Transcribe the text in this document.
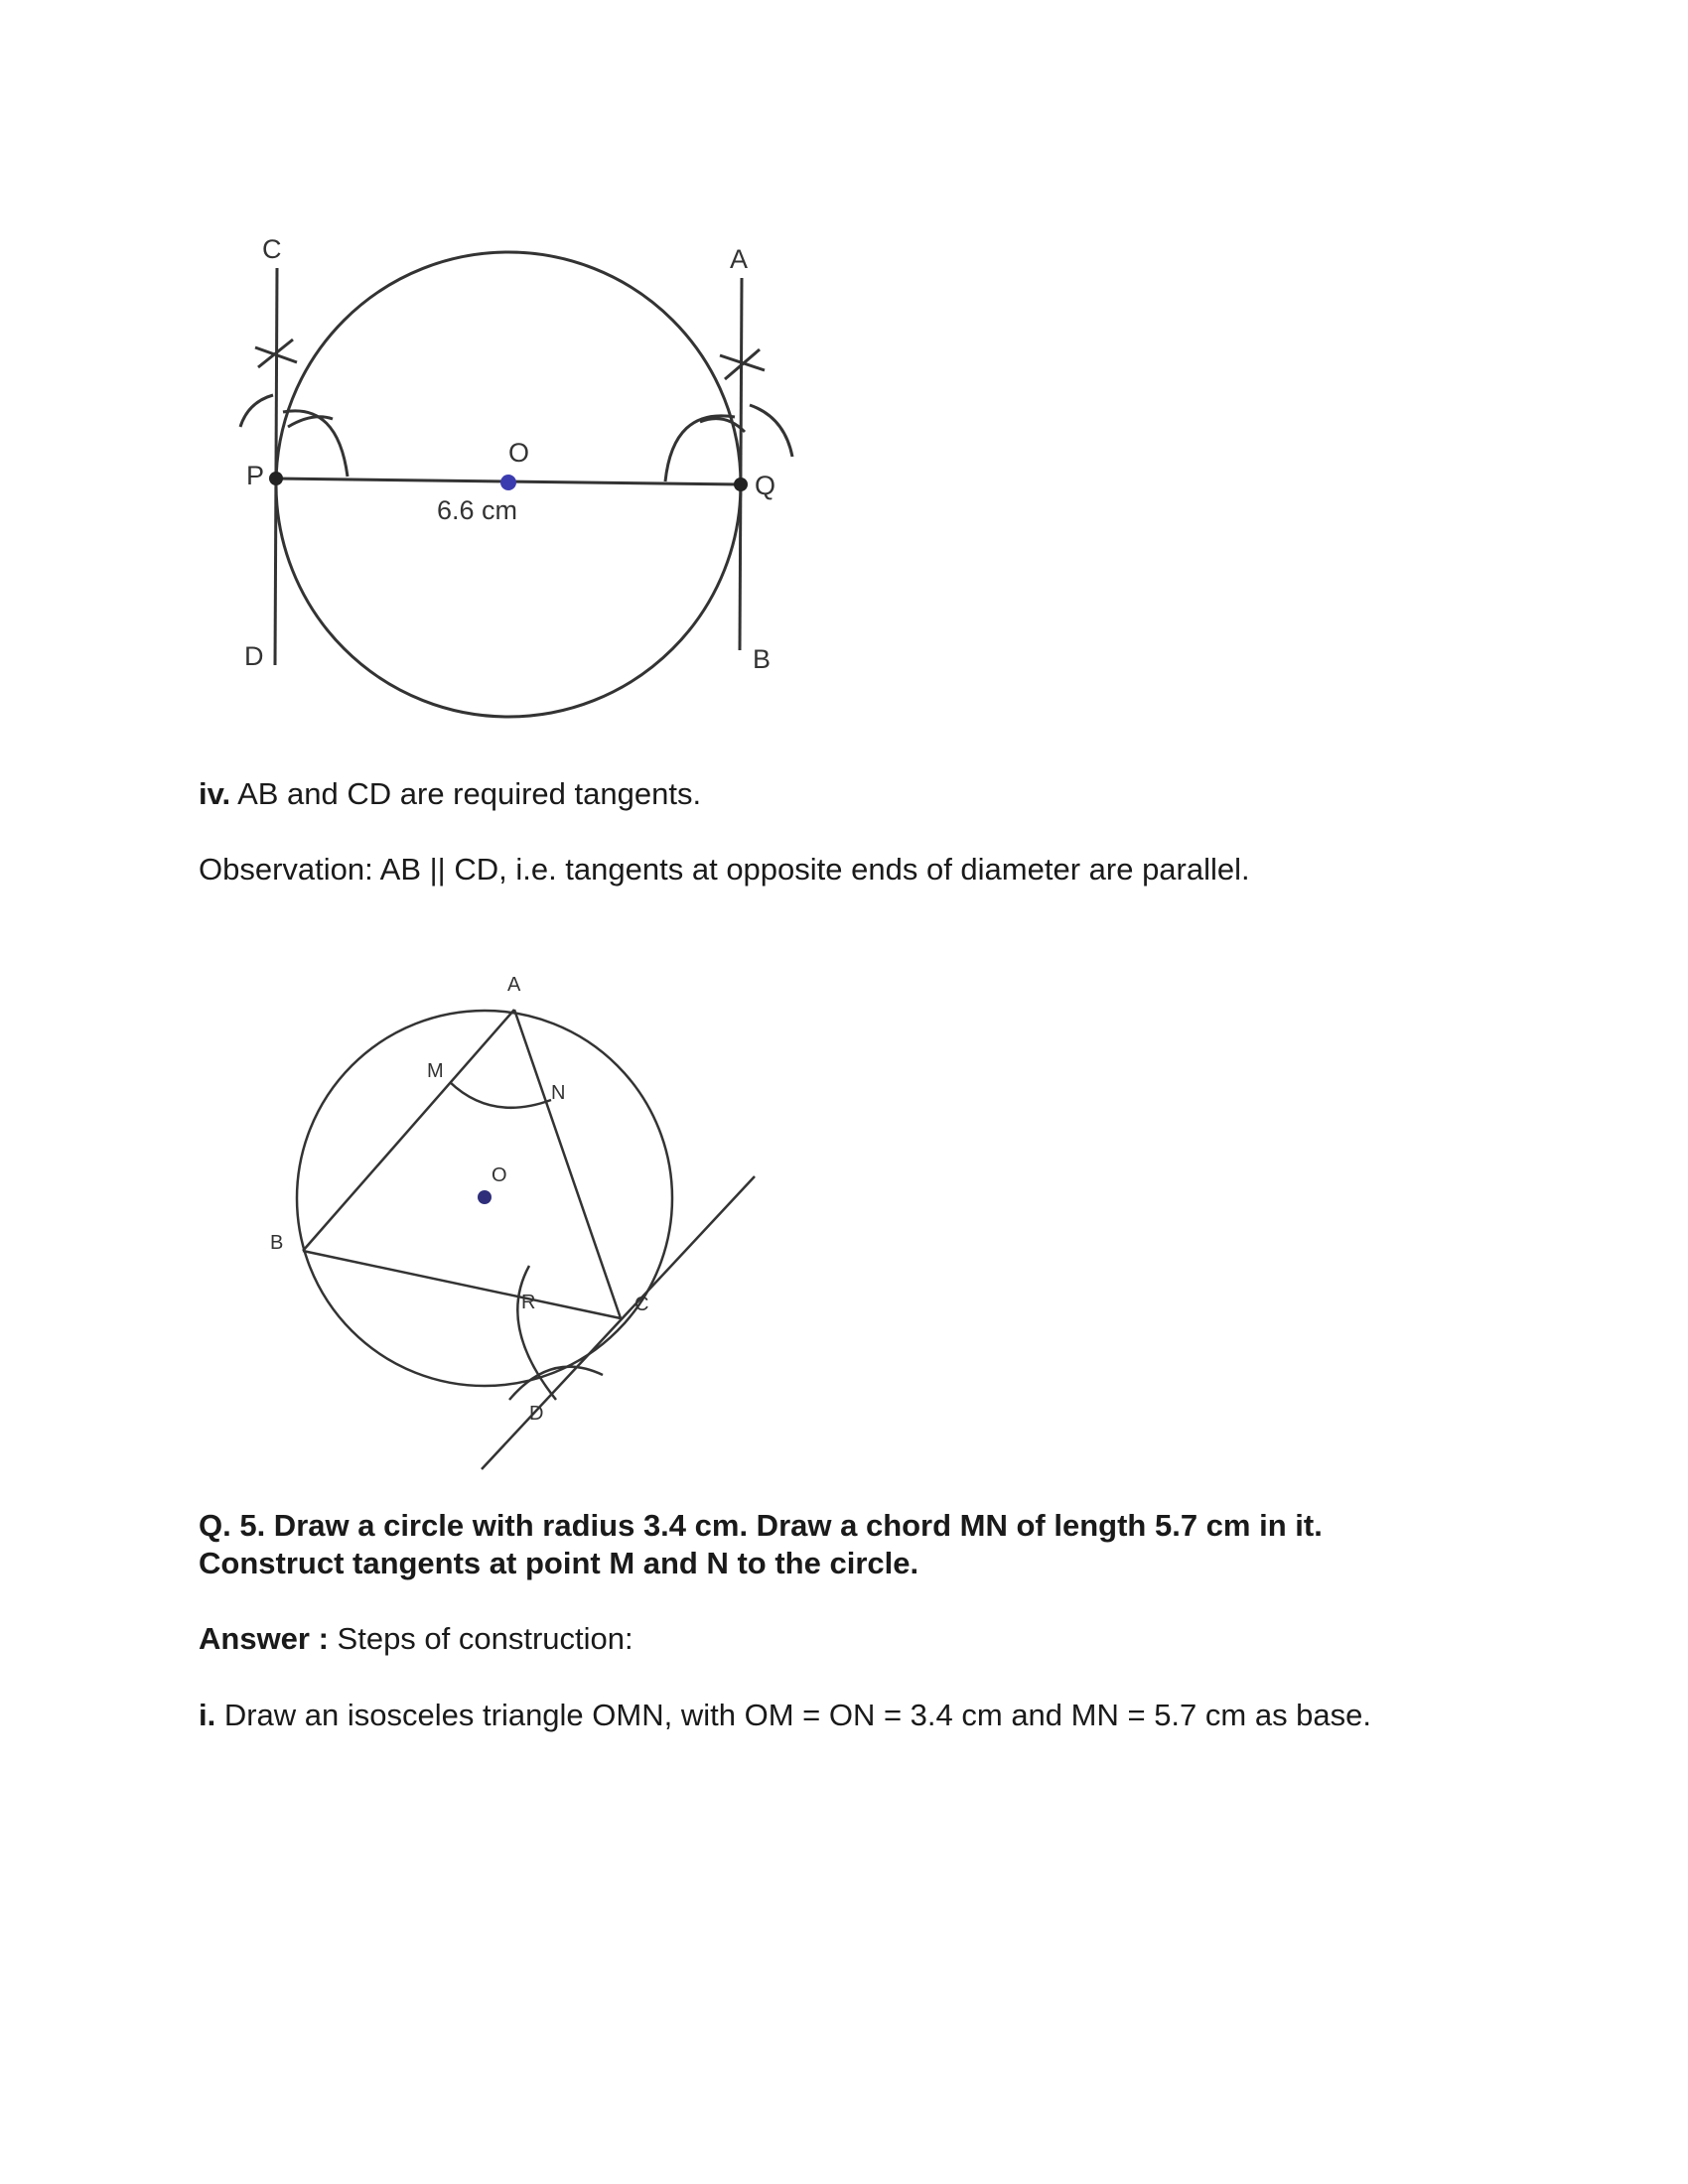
C	A
P
O
Q
D	B
6.6 cm

iv. AB and CD are required tangents.

Observation: AB || CD, i.e. tangents at opposite ends of diameter are parallel.

A
M
N
O
B
R	C
D

Q. 5. Draw a circle with radius 3.4 cm. Draw a chord MN of length 5.7 cm in it.
Construct tangents at point M and N to the circle.

Answer : Steps of construction:

i. Draw an isosceles triangle OMN, with OM = ON = 3.4 cm and MN = 5.7 cm as base.
